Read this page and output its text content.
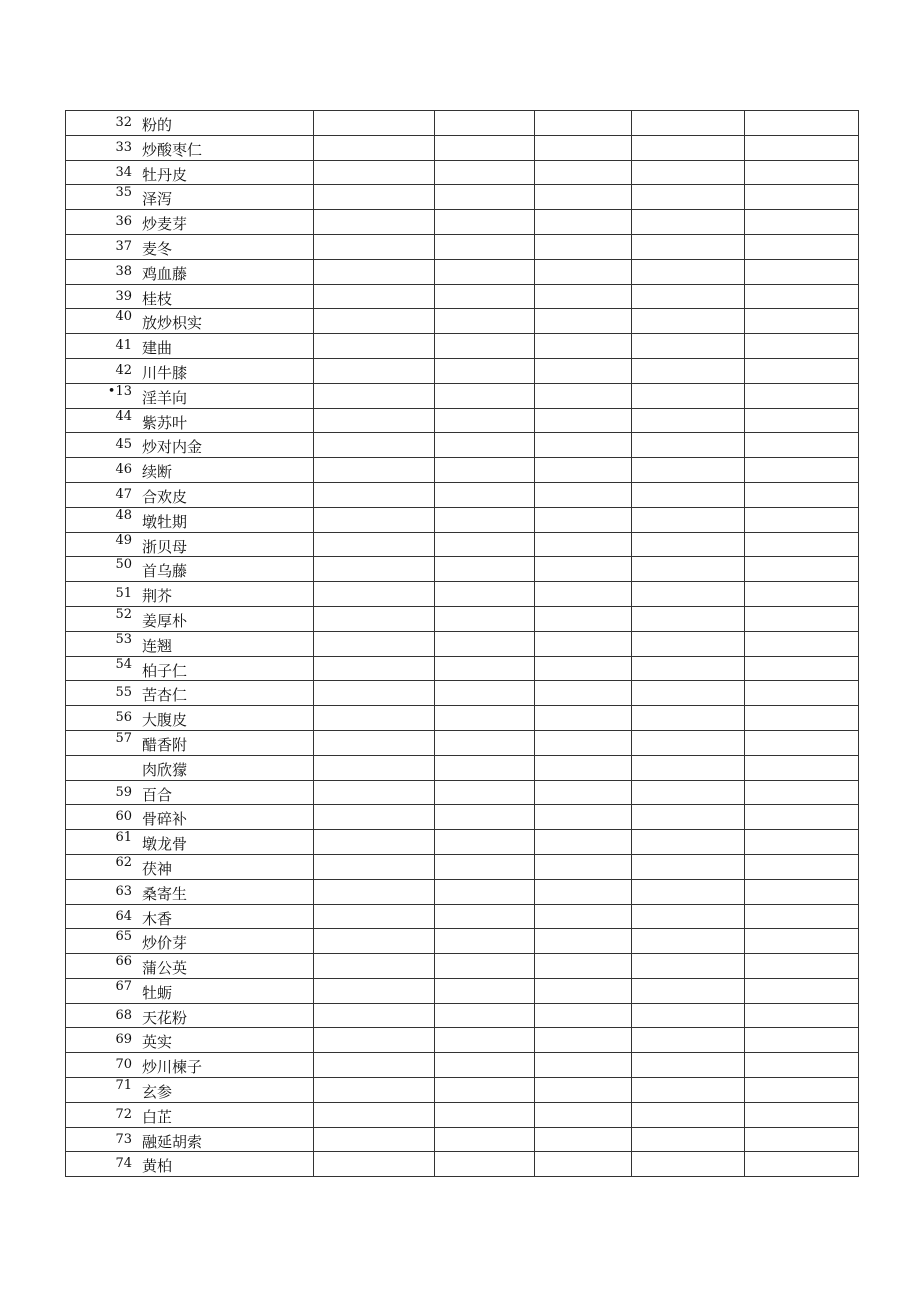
32 粉的					

33 炒酸枣仁					

34 牡丹皮					

35 泽泻					

36 炒麦芽					

37 麦冬					

38 鸡血藤					

39 桂枝					

40 放炒枳实					

41 建曲					

42 川牛膝					

•13 淫羊向					

44 紫苏叶					

45 炒对内金					

46 续断					

47 合欢皮					

48 墩牡期					

49 浙贝母					

50 首乌藤					

51 荆芥					

52 姜厚朴					

53 连翘					

54 柏子仁					

55 苦杏仁					

56 大腹皮					

57 醋香附					

肉欣獴					

59 百合					

60 骨碎补					

61 墩龙骨					

62 茯神					

63 桑寄生					

64 木香					

65 炒价芽					

66 蒲公英					

67 牡蛎					

68 天花粉					

69 英实					

70 炒川楝子					

71 玄参					

72 白芷					

73 融延胡索					

74 黄柏					
